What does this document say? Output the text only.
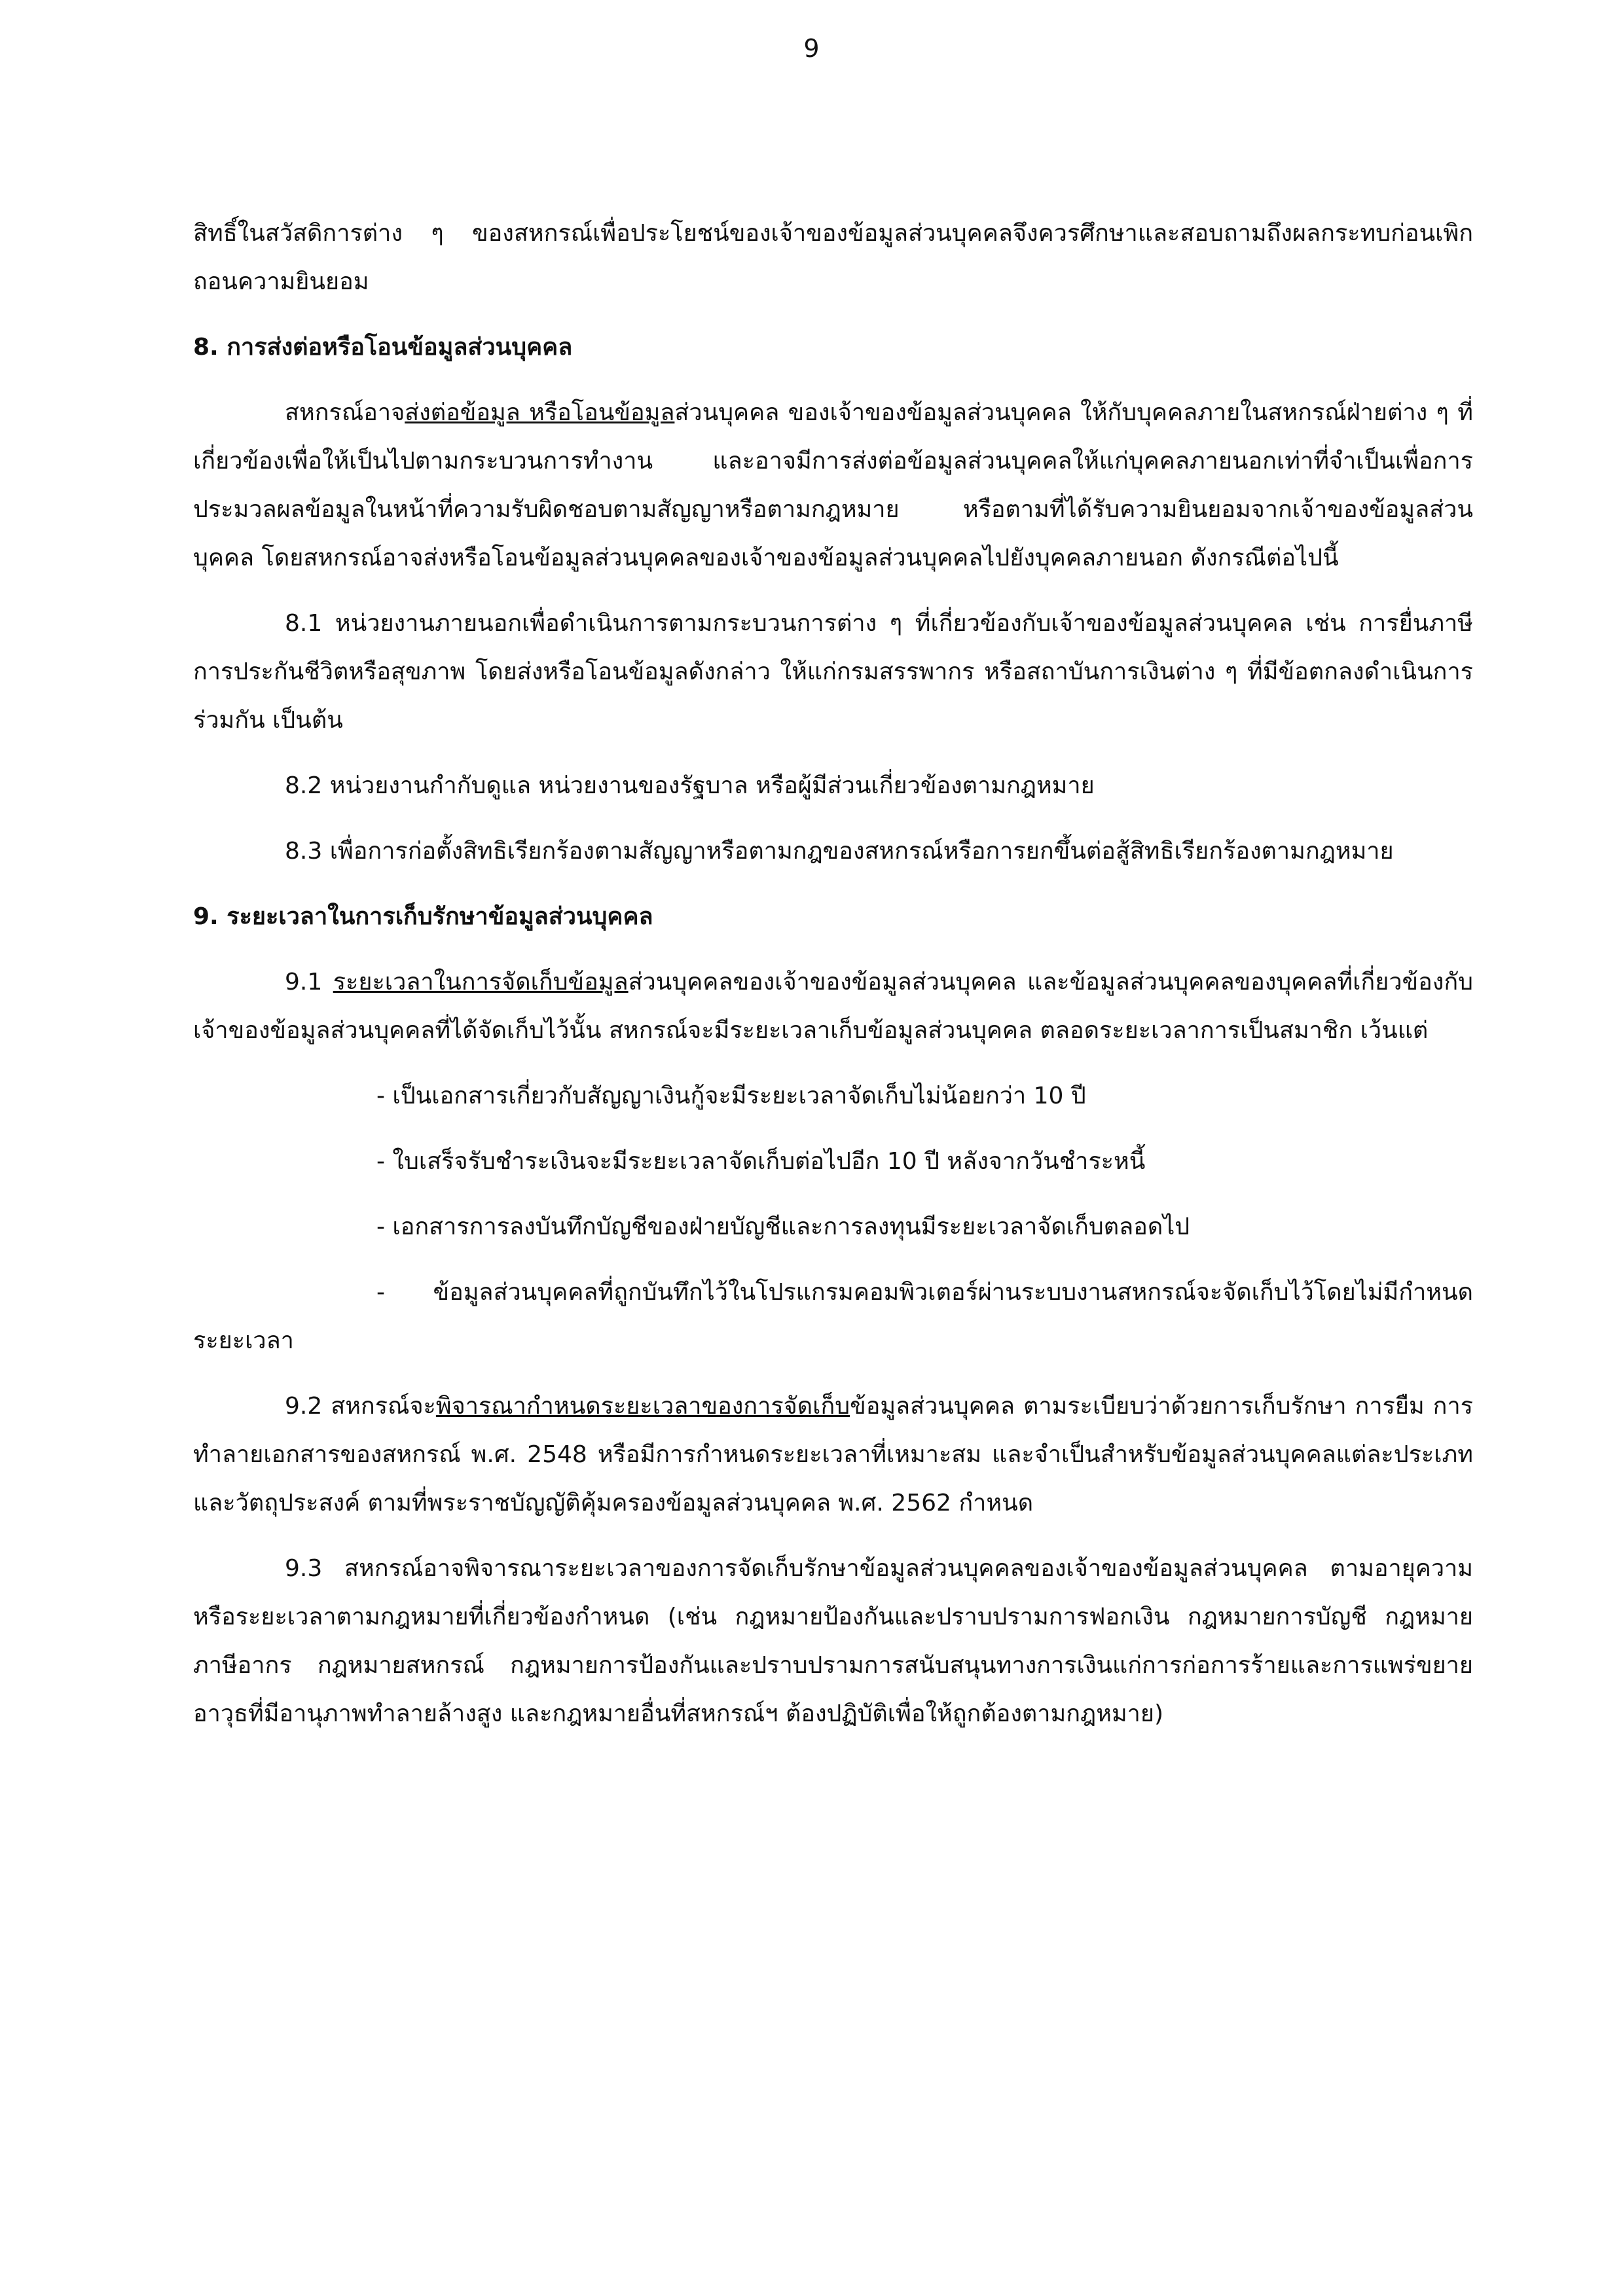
9

สิทธิ์ในสวัสดิการต่าง ๆ ของสหกรณ์เพื่อประโยชน์ของเจ้าของข้อมูลส่วนบุคคลจึงควรศึกษาและสอบถามถึงผลกระทบก่อนเพิกถอนความยินยอม

8. การส่งต่อหรือโอนข้อมูลส่วนบุคคล

สหกรณ์อาจส่งต่อข้อมูล หรือโอนข้อมูลส่วนบุคคล ของเจ้าของข้อมูลส่วนบุคคล ให้กับบุคคลภายในสหกรณ์ฝ่ายต่าง ๆ ที่เกี่ยวข้องเพื่อให้เป็นไปตามกระบวนการทำงาน และอาจมีการส่งต่อข้อมูลส่วนบุคคลให้แก่บุคคลภายนอกเท่าที่จำเป็นเพื่อการประมวลผลข้อมูลในหน้าที่ความรับผิดชอบตามสัญญาหรือตามกฎหมาย หรือตามที่ได้รับความยินยอมจากเจ้าของข้อมูลส่วนบุคคล โดยสหกรณ์อาจส่งหรือโอนข้อมูลส่วนบุคคลของเจ้าของข้อมูลส่วนบุคคลไปยังบุคคลภายนอก ดังกรณีต่อไปนี้

8.1 หน่วยงานภายนอกเพื่อดำเนินการตามกระบวนการต่าง ๆ ที่เกี่ยวข้องกับเจ้าของข้อมูลส่วนบุคคล เช่น การยื่นภาษี การประกันชีวิตหรือสุขภาพ โดยส่งหรือโอนข้อมูลดังกล่าว ให้แก่กรมสรรพากร หรือสถาบันการเงินต่าง ๆ ที่มีข้อตกลงดำเนินการร่วมกัน เป็นต้น

8.2 หน่วยงานกำกับดูแล หน่วยงานของรัฐบาล หรือผู้มีส่วนเกี่ยวข้องตามกฎหมาย

8.3 เพื่อการก่อตั้งสิทธิเรียกร้องตามสัญญาหรือตามกฎของสหกรณ์หรือการยกขึ้นต่อสู้สิทธิเรียกร้องตามกฎหมาย

9. ระยะเวลาในการเก็บรักษาข้อมูลส่วนบุคคล

9.1 ระยะเวลาในการจัดเก็บข้อมูลส่วนบุคคลของเจ้าของข้อมูลส่วนบุคคล และข้อมูลส่วนบุคคลของบุคคลที่เกี่ยวข้องกับเจ้าของข้อมูลส่วนบุคคลที่ได้จัดเก็บไว้นั้น สหกรณ์จะมีระยะเวลาเก็บข้อมูลส่วนบุคคล ตลอดระยะเวลาการเป็นสมาชิก เว้นแต่

- เป็นเอกสารเกี่ยวกับสัญญาเงินกู้จะมีระยะเวลาจัดเก็บไม่น้อยกว่า 10 ปี

- ใบเสร็จรับชำระเงินจะมีระยะเวลาจัดเก็บต่อไปอีก 10 ปี หลังจากวันชำระหนี้

- เอกสารการลงบันทึกบัญชีของฝ่ายบัญชีและการลงทุนมีระยะเวลาจัดเก็บตลอดไป

- ข้อมูลส่วนบุคคลที่ถูกบันทึกไว้ในโปรแกรมคอมพิวเตอร์ผ่านระบบงานสหกรณ์จะจัดเก็บไว้โดยไม่มีกำหนดระยะเวลา

9.2 สหกรณ์จะพิจารณากำหนดระยะเวลาของการจัดเก็บข้อมูลส่วนบุคคล ตามระเบียบว่าด้วยการเก็บรักษา การยืม การทำลายเอกสารของสหกรณ์ พ.ศ. 2548 หรือมีการกำหนดระยะเวลาที่เหมาะสม และจำเป็นสำหรับข้อมูลส่วนบุคคลแต่ละประเภทและวัตถุประสงค์ ตามที่พระราชบัญญัติคุ้มครองข้อมูลส่วนบุคคล พ.ศ. 2562 กำหนด

9.3 สหกรณ์อาจพิจารณาระยะเวลาของการจัดเก็บรักษาข้อมูลส่วนบุคคลของเจ้าของข้อมูลส่วนบุคคล ตามอายุความ หรือระยะเวลาตามกฎหมายที่เกี่ยวข้องกำหนด (เช่น กฎหมายป้องกันและปราบปรามการฟอกเงิน กฎหมายการบัญชี กฎหมายภาษีอากร กฎหมายสหกรณ์ กฎหมายการป้องกันและปราบปรามการสนับสนุนทางการเงินแก่การก่อการร้ายและการแพร่ขยายอาวุธที่มีอานุภาพทำลายล้างสูง และกฎหมายอื่นที่สหกรณ์ฯ ต้องปฏิบัติเพื่อให้ถูกต้องตามกฎหมาย)
